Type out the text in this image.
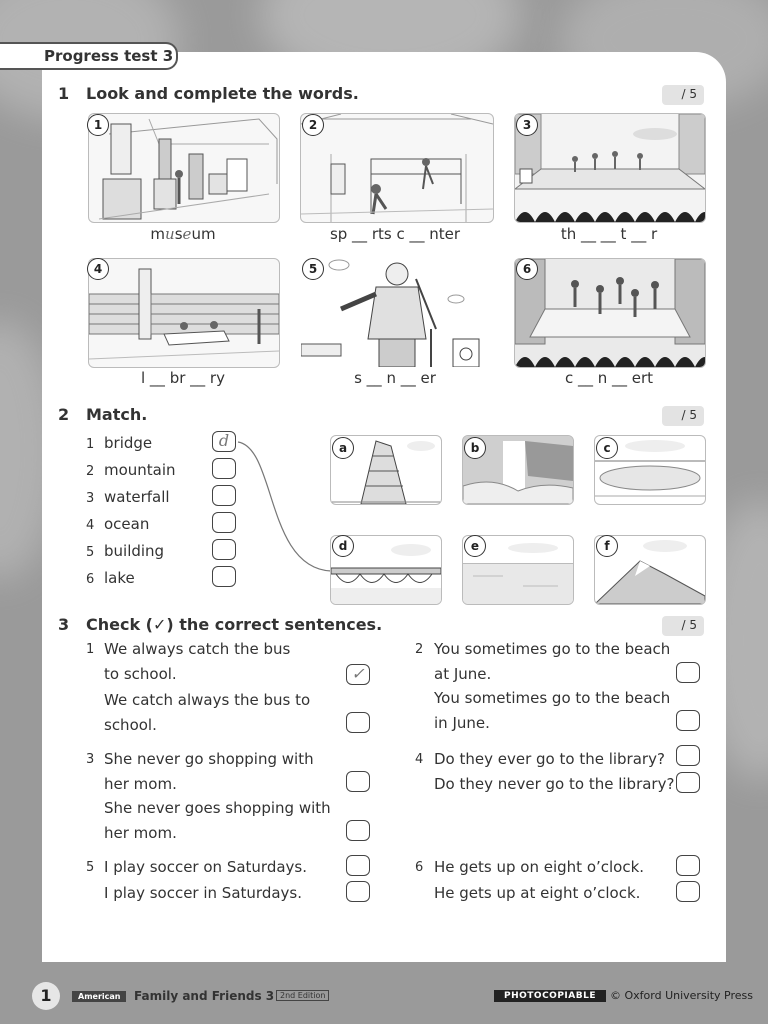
Progress test 3
1 Look and complete the words.	/ 5
1
museum
2
sp __ rts c __ nter
3
th __ __ t __ r
4
l __ br __ ry
5
s __ n __ er
6
c __ n __ ert
2 Match.	/ 5
1 bridge
2 mountain
3 waterfall
4 ocean
5 building
6 lake
d	a	b	c
d	e	f
3 Check (✓) the correct sentences.	/ 5
1 We always catch the bus
to school.
We catch always the bus to
school.
✓
2 You sometimes go to the beach
at June.
You sometimes go to the beach
in June.
3 She never go shopping with
her mom.
She never goes shopping with
her mom.
4 Do they ever go to the library?
Do they never go to the library?
5 I play soccer on Saturdays.
I play soccer in Saturdays.
6 He gets up on eight o’clock.
He gets up at eight o’clock.
1	American	Family and Friends 3 2nd Edition	PHOTOCOPIABLE	© Oxford University Press
